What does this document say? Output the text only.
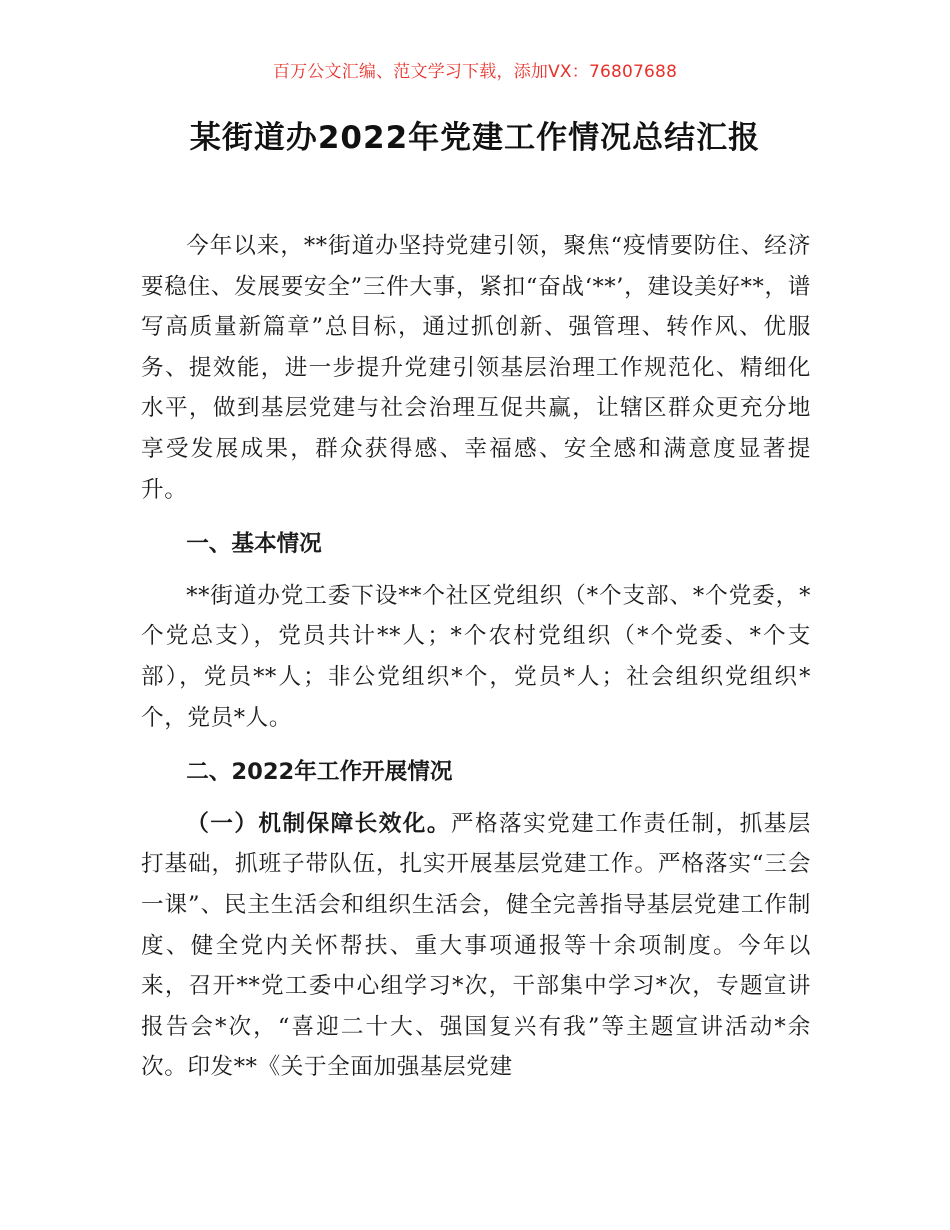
百万公文汇编、范文学习下载，添加VX：76807688
某街道办2022年党建工作情况总结汇报

今年以来，**街道办坚持党建引领，聚焦“疫情要防住、经济要稳住、发展要安全”三件大事，紧扣“奋战‘**’，建设美好**，谱写高质量新篇章”总目标，通过抓创新、强管理、转作风、优服务、提效能，进一步提升党建引领基层治理工作规范化、精细化水平，做到基层党建与社会治理互促共赢，让辖区群众更充分地享受发展成果，群众获得感、幸福感、安全感和满意度显著提升。

一、基本情况

**街道办党工委下设**个社区党组织（*个支部、*个党委，*个党总支），党员共计**人；*个农村党组织（*个党委、*个支部），党员**人；非公党组织*个，党员*人；社会组织党组织*个，党员*人。

二、2022年工作开展情况

（一）机制保障长效化。严格落实党建工作责任制，抓基层打基础，抓班子带队伍，扎实开展基层党建工作。严格落实“三会一课”、民主生活会和组织生活会，健全完善指导基层党建工作制度、健全党内关怀帮扶、重大事项通报等十余项制度。今年以来，召开**党工委中心组学习*次，干部集中学习*次，专题宣讲报告会*次，“喜迎二十大、强国复兴有我”等主题宣讲活动*余次。印发**《关于全面加强基层党建
